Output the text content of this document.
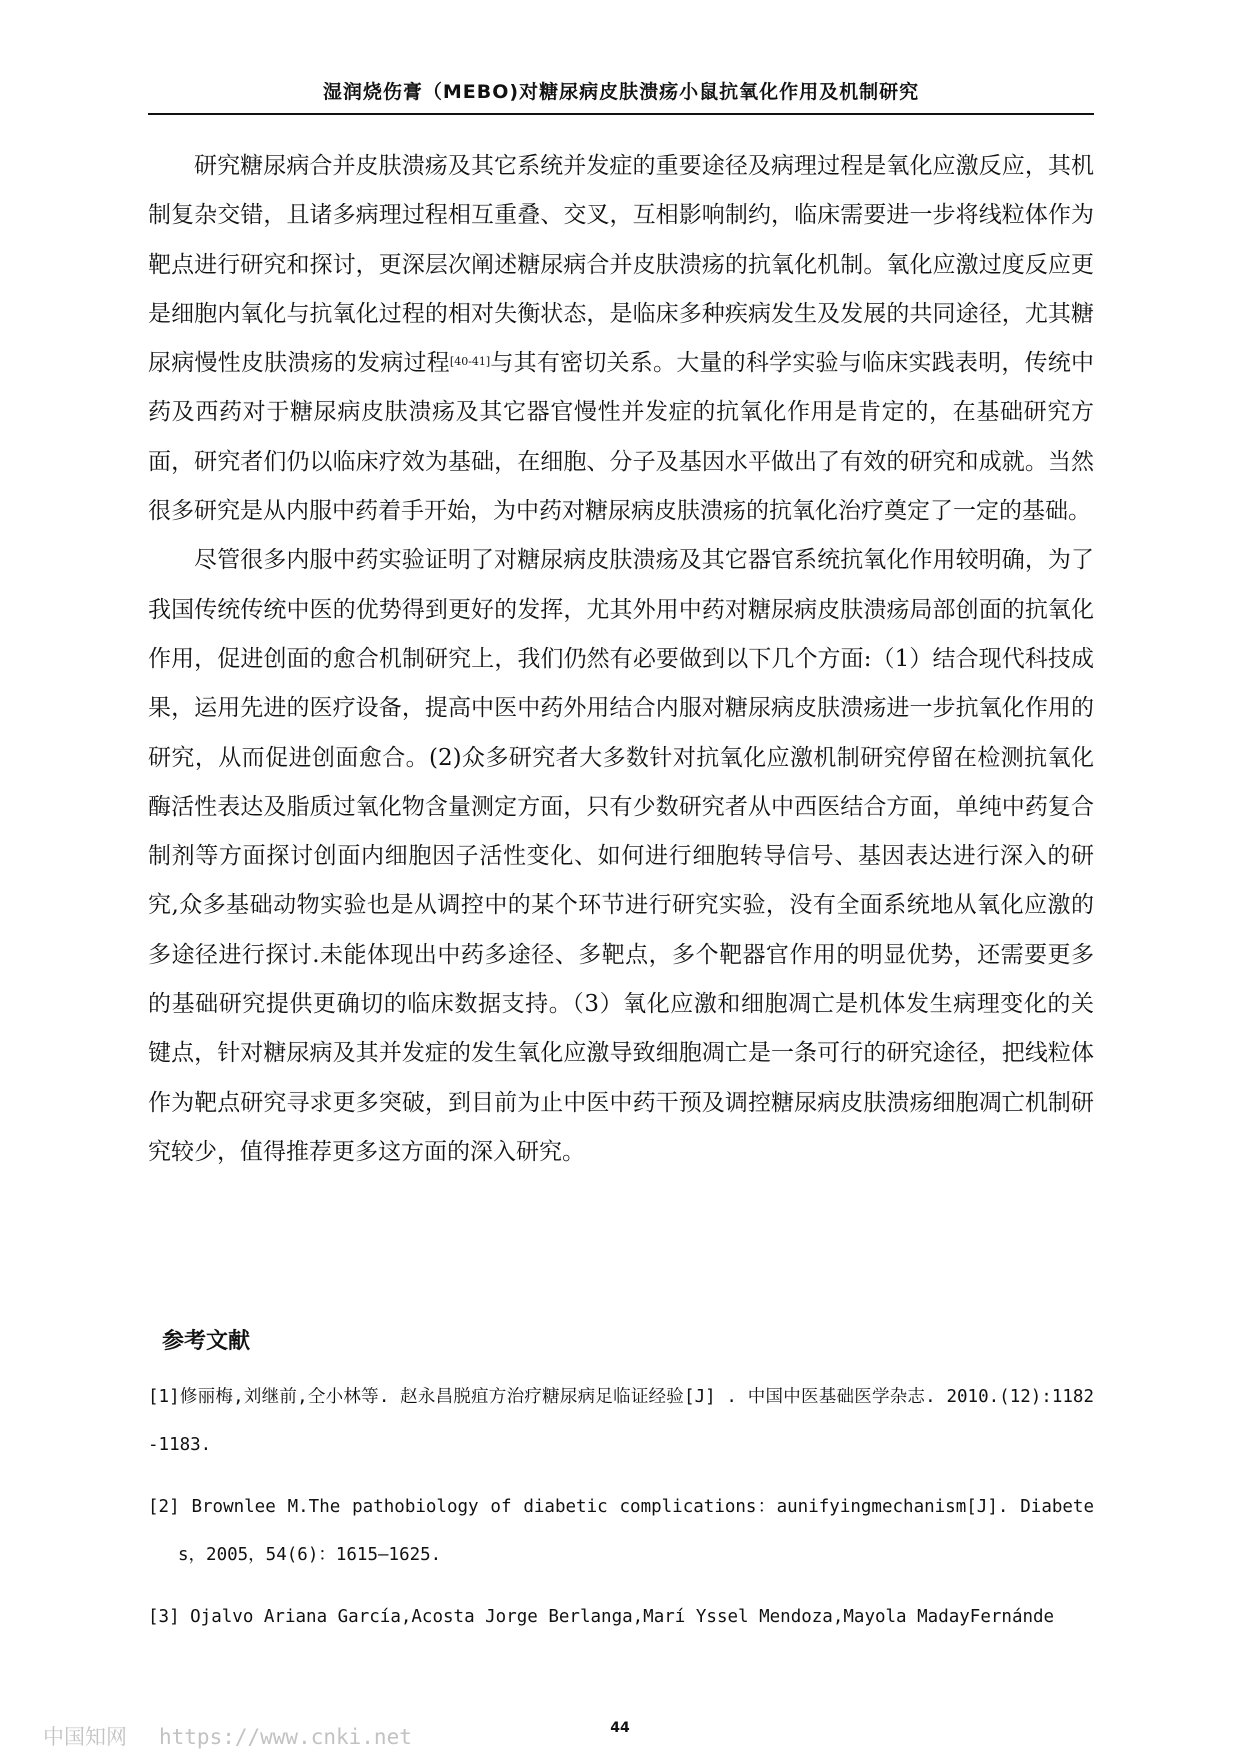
湿润烧伤膏（MEBO)对糖尿病皮肤溃疡小鼠抗氧化作用及机制研究

研究糖尿病合并皮肤溃疡及其它系统并发症的重要途径及病理过程是氧化应激反应，其机制复杂交错，且诸多病理过程相互重叠、交叉，互相影响制约，临床需要进一步将线粒体作为靶点进行研究和探讨，更深层次阐述糖尿病合并皮肤溃疡的抗氧化机制。氧化应激过度反应更是细胞内氧化与抗氧化过程的相对失衡状态，是临床多种疾病发生及发展的共同途径，尤其糖尿病慢性皮肤溃疡的发病过程[40-41]与其有密切关系。大量的科学实验与临床实践表明，传统中药及西药对于糖尿病皮肤溃疡及其它器官慢性并发症的抗氧化作用是肯定的，在基础研究方面，研究者们仍以临床疗效为基础，在细胞、分子及基因水平做出了有效的研究和成就。当然很多研究是从内服中药着手开始，为中药对糖尿病皮肤溃疡的抗氧化治疗奠定了一定的基础。

尽管很多内服中药实验证明了对糖尿病皮肤溃疡及其它器官系统抗氧化作用较明确，为了我国传统传统中医的优势得到更好的发挥，尤其外用中药对糖尿病皮肤溃疡局部创面的抗氧化作用，促进创面的愈合机制研究上，我们仍然有必要做到以下几个方面:（1）结合现代科技成果，运用先进的医疗设备，提高中医中药外用结合内服对糖尿病皮肤溃疡进一步抗氧化作用的研究，从而促进创面愈合。(2)众多研究者大多数针对抗氧化应激机制研究停留在检测抗氧化酶活性表达及脂质过氧化物含量测定方面，只有少数研究者从中西医结合方面，单纯中药复合制剂等方面探讨创面内细胞因子活性变化、如何进行细胞转导信号、基因表达进行深入的研究,众多基础动物实验也是从调控中的某个环节进行研究实验，没有全面系统地从氧化应激的多途径进行探讨.未能体现出中药多途径、多靶点，多个靶器官作用的明显优势，还需要更多的基础研究提供更确切的临床数据支持。（3）氧化应激和细胞凋亡是机体发生病理变化的关键点，针对糖尿病及其并发症的发生氧化应激导致细胞凋亡是一条可行的研究途径，把线粒体作为靶点研究寻求更多突破，到目前为止中医中药干预及调控糖尿病皮肤溃疡细胞凋亡机制研究较少，值得推荐更多这方面的深入研究。

参考文献

[1]修丽梅,刘继前,仝小林等. 赵永昌脱疽方治疗糖尿病足临证经验[J] . 中国中医基础医学杂志. 2010.(12):1182-1183.

[2] Brownlee M.The pathobiology of diabetic complications：aunifyingmechanism[J]. Diabetes，2005，54(6)：1615—1625.

[3] Ojalvo Ariana García,Acosta Jorge Berlanga,Marí Yssel Mendoza,Mayola MadayFernánde

44
中国知网 https://www.cnki.net
